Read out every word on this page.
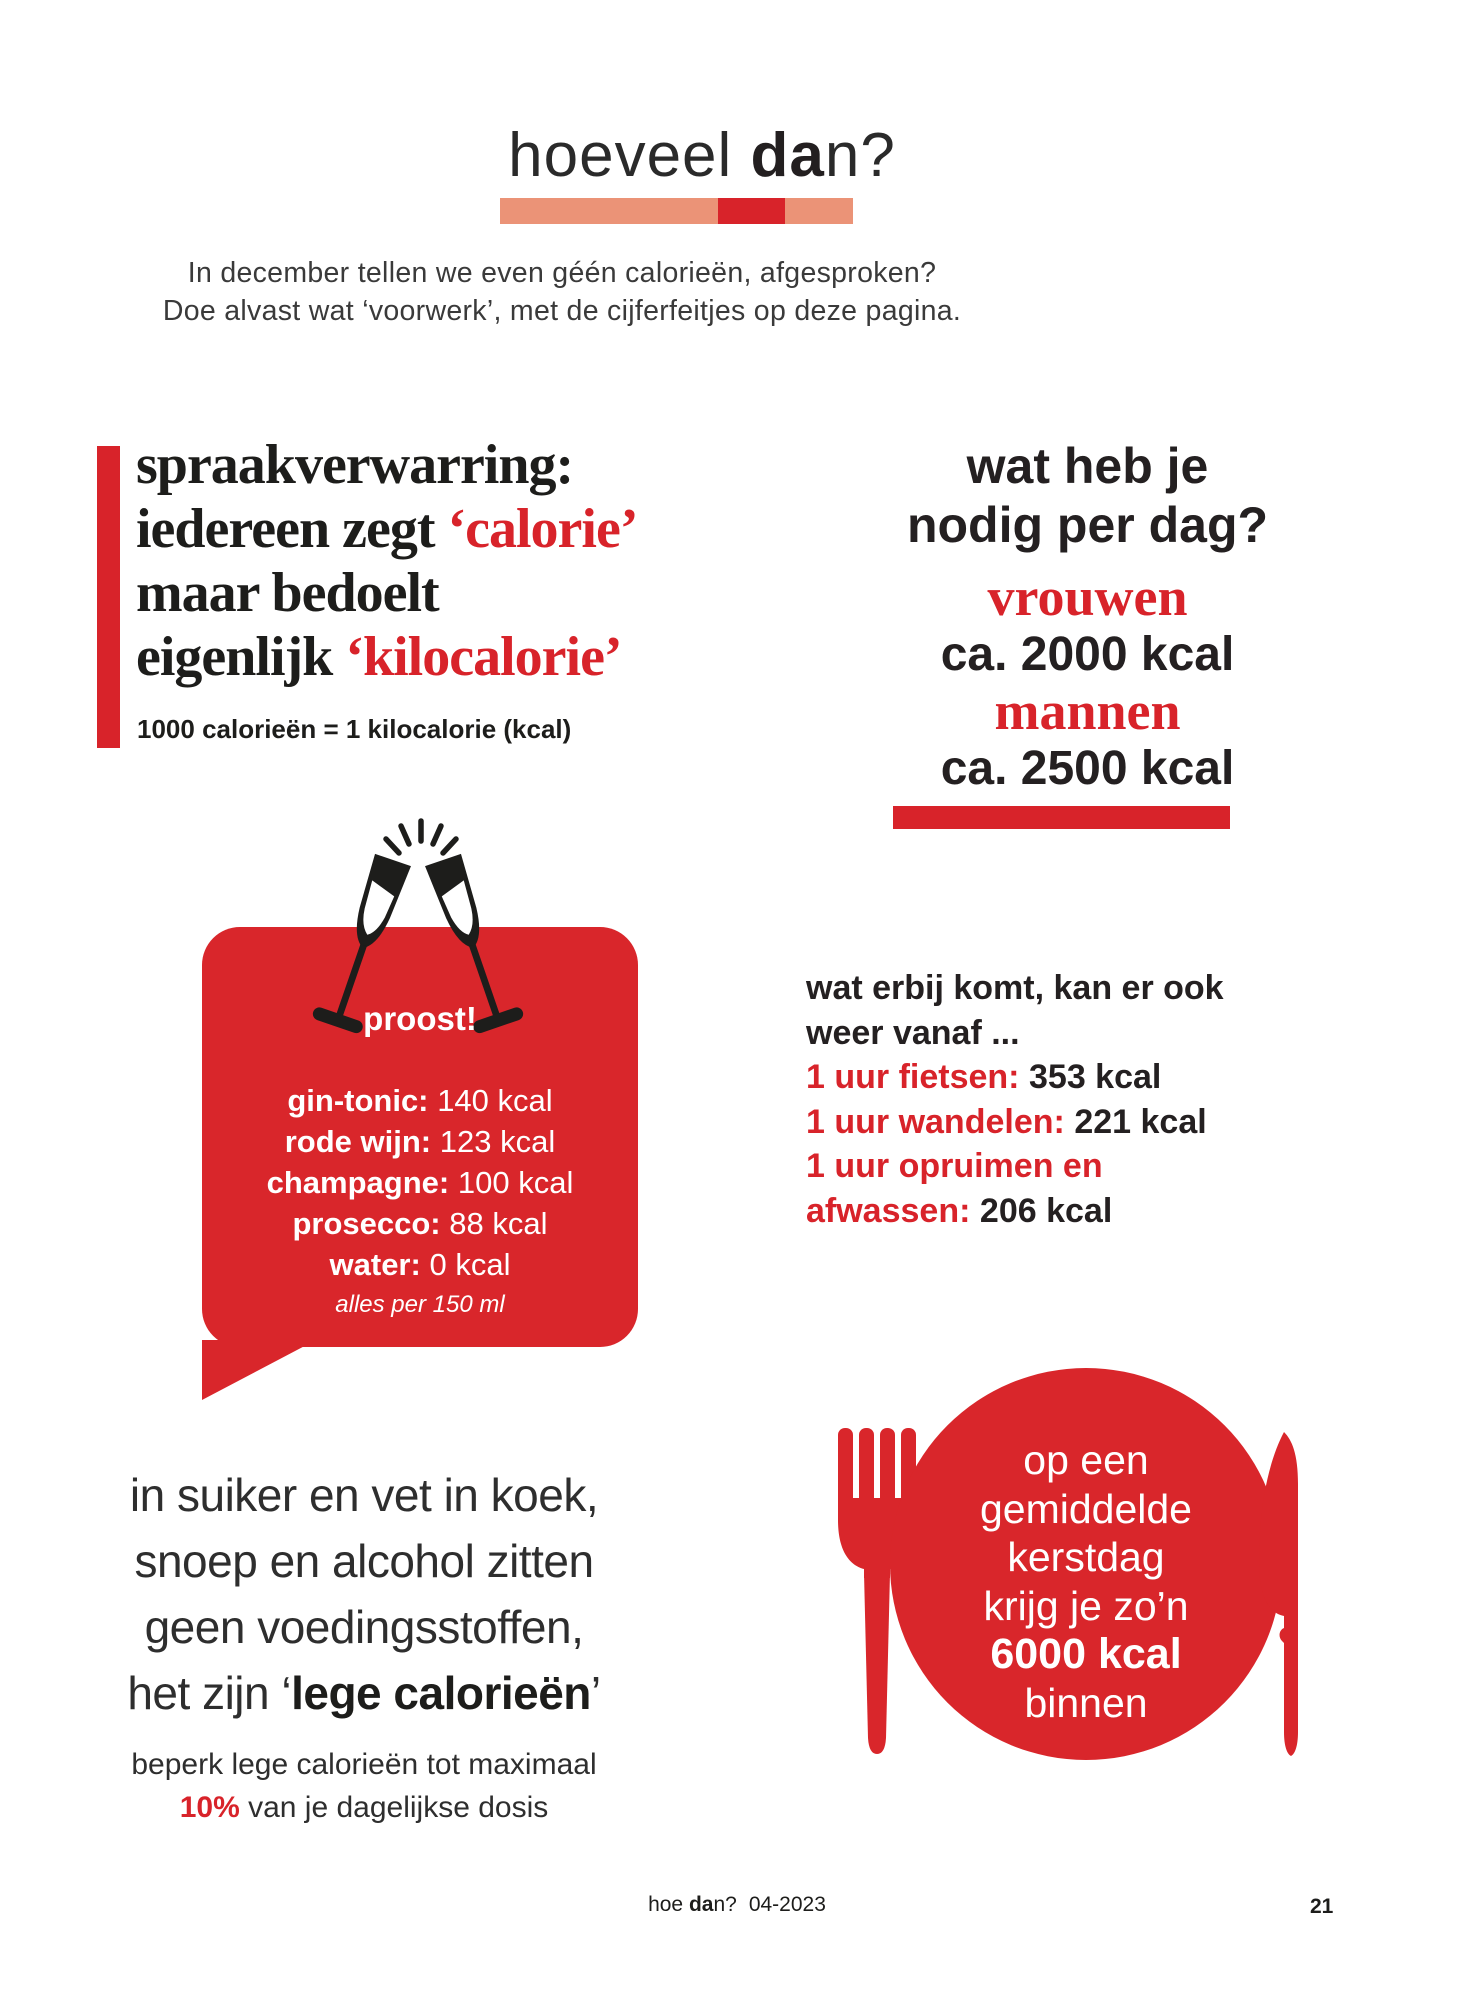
hoeveel dan?
In december tellen we even géén calorieën, afgesproken?
Doe alvast wat ‘voorwerk’, met de cijferfeitjes op deze pagina.
spraakverwarring:
iedereen zegt ‘calorie’
maar bedoelt
eigenlijk ‘kilocalorie’
1000 calorieën = 1 kilocalorie (kcal)
wat heb je
nodig per dag?
vrouwen
ca. 2000 kcal
mannen
ca. 2500 kcal
proost!
gin-tonic: 140 kcal
rode wijn: 123 kcal
champagne: 100 kcal
prosecco: 88 kcal
water: 0 kcal
alles per 150 ml
wat erbij komt, kan er ook
weer vanaf ...
1 uur fietsen: 353 kcal
1 uur wandelen: 221 kcal
1 uur opruimen en
afwassen: 206 kcal
in suiker en vet in koek,
snoep en alcohol zitten
geen voedingsstoffen,
het zijn ‘lege calorieën’
beperk lege calorieën tot maximaal
10% van je dagelijkse dosis
op een
gemiddelde
kerstdag
krijg je zo’n
6000 kcal
binnen
hoe dan? 04-2023	21
